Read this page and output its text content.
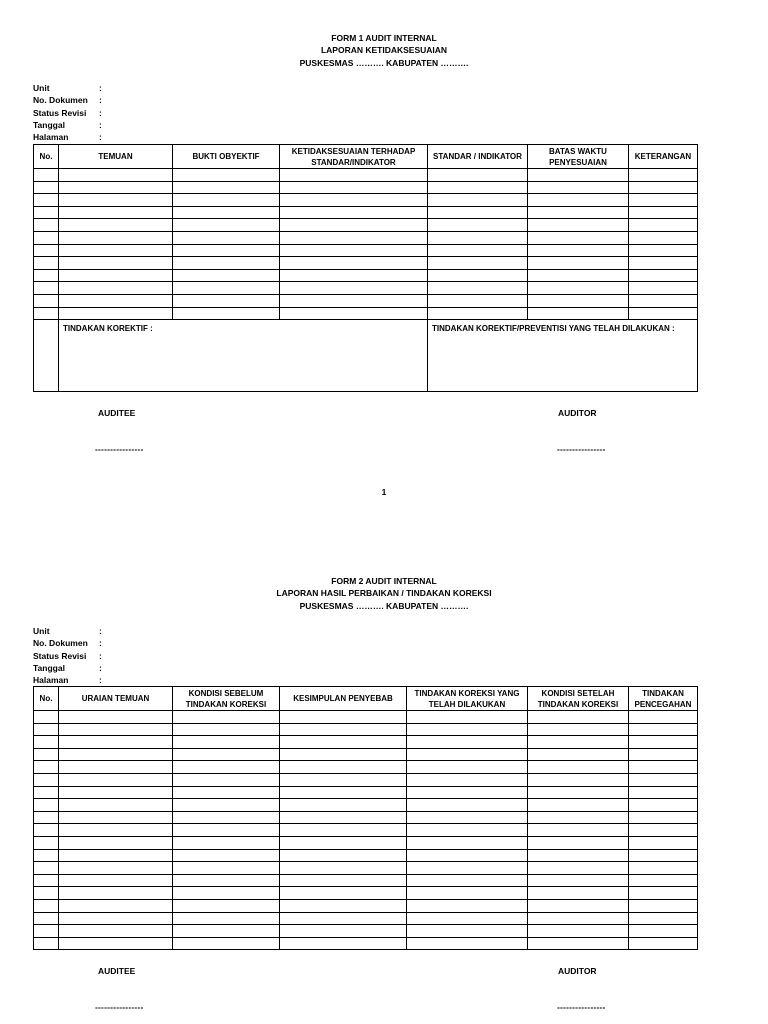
FORM 1 AUDIT INTERNAL
LAPORAN KETIDAKSESUAIAN
PUSKESMAS ………. KABUPATEN ……….
Unit	:
No. Dokumen	:
Status Revisi	:
Tanggal	:
Halaman	:
No.	TEMUAN	BUKTI OBYEKTIF	KETIDAKSESUAIAN TERHADAP STANDAR/INDIKATOR	STANDAR / INDIKATOR	BATAS WAKTU PENYESUAIAN	KETERANGAN

	TINDAKAN KOREKTIF :			TINDAKAN KOREKTIF/PREVENTISI YANG TELAH DILAKUKAN :		
AUDITEE	AUDITOR
----------------	----------------
1
FORM 2 AUDIT INTERNAL
LAPORAN HASIL PERBAIKAN / TINDAKAN KOREKSI
PUSKESMAS ………. KABUPATEN ……….
Unit	:
No. Dokumen	:
Status Revisi	:
Tanggal	:
Halaman	:
No.	URAIAN TEMUAN	KONDISI SEBELUM TINDAKAN KOREKSI	KESIMPULAN PENYEBAB	TINDAKAN KOREKSI YANG TELAH DILAKUKAN	KONDISI SETELAH TINDAKAN KOREKSI	TINDAKAN PENCEGAHAN

AUDITEE	AUDITOR
----------------	----------------
